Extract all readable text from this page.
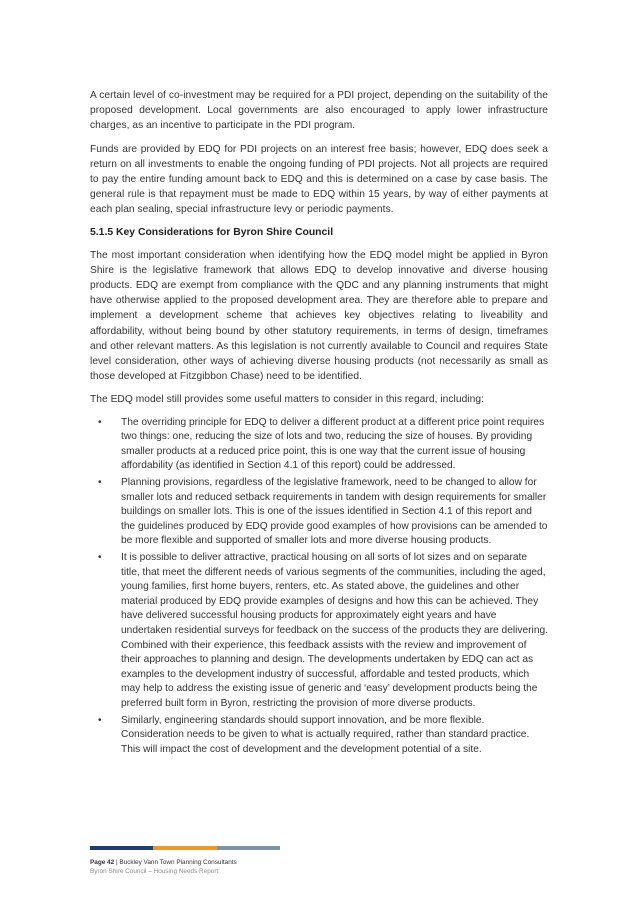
A certain level of co-investment may be required for a PDI project, depending on the suitability of the proposed development. Local governments are also encouraged to apply lower infrastructure charges, as an incentive to participate in the PDI program.

Funds are provided by EDQ for PDI projects on an interest free basis; however, EDQ does seek a return on all investments to enable the ongoing funding of PDI projects. Not all projects are required to pay the entire funding amount back to EDQ and this is determined on a case by case basis. The general rule is that repayment must be made to EDQ within 15 years, by way of either payments at each plan sealing, special infrastructure levy or periodic payments.

5.1.5 Key Considerations for Byron Shire Council

The most important consideration when identifying how the EDQ model might be applied in Byron Shire is the legislative framework that allows EDQ to develop innovative and diverse housing products. EDQ are exempt from compliance with the QDC and any planning instruments that might have otherwise applied to the proposed development area. They are therefore able to prepare and implement a development scheme that achieves key objectives relating to liveability and affordability, without being bound by other statutory requirements, in terms of design, timeframes and other relevant matters. As this legislation is not currently available to Council and requires State level consideration, other ways of achieving diverse housing products (not necessarily as small as those developed at Fitzgibbon Chase) need to be identified.

The EDQ model still provides some useful matters to consider in this regard, including:

• The overriding principle for EDQ to deliver a different product at a different price point requires two things: one, reducing the size of lots and two, reducing the size of houses. By providing smaller products at a reduced price point, this is one way that the current issue of housing affordability (as identified in Section 4.1 of this report) could be addressed.
• Planning provisions, regardless of the legislative framework, need to be changed to allow for smaller lots and reduced setback requirements in tandem with design requirements for smaller buildings on smaller lots. This is one of the issues identified in Section 4.1 of this report and the guidelines produced by EDQ provide good examples of how provisions can be amended to be more flexible and supported of smaller lots and more diverse housing products.
• It is possible to deliver attractive, practical housing on all sorts of lot sizes and on separate title, that meet the different needs of various segments of the communities, including the aged, young families, first home buyers, renters, etc. As stated above, the guidelines and other material produced by EDQ provide examples of designs and how this can be achieved. They have delivered successful housing products for approximately eight years and have undertaken residential surveys for feedback on the success of the products they are delivering. Combined with their experience, this feedback assists with the review and improvement of their approaches to planning and design. The developments undertaken by EDQ can act as examples to the development industry of successful, affordable and tested products, which may help to address the existing issue of generic and ‘easy’ development products being the preferred built form in Byron, restricting the provision of more diverse products.
• Similarly, engineering standards should support innovation, and be more flexible. Consideration needs to be given to what is actually required, rather than standard practice. This will impact the cost of development and the development potential of a site.
Page 42 | Buckley Vann Town Planning Consultants
Byron Shire Council – Housing Needs Report
